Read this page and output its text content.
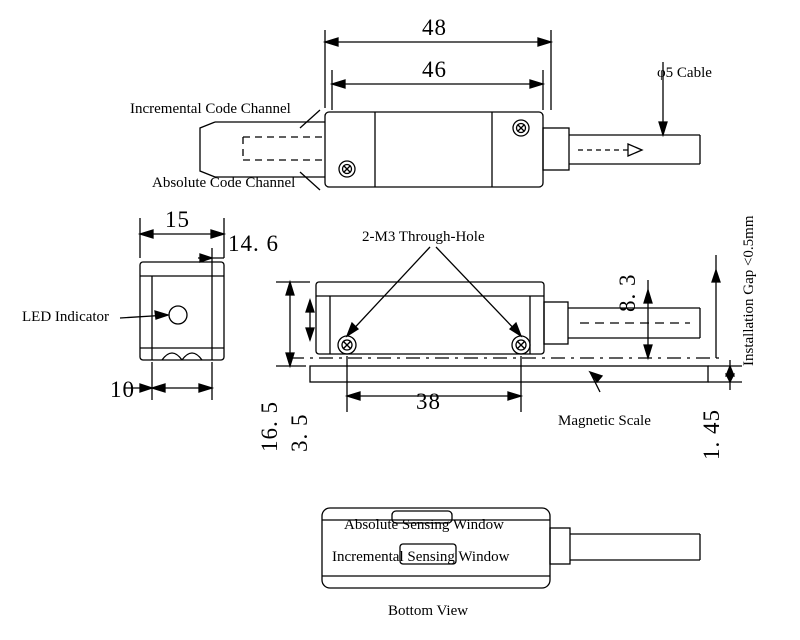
48
46	φ5 Cable
Incremental Code Channel
Absolute Code Channel
15
14. 6
10
LED Indicator
2-M3 Through-Hole
38
16. 5 3. 5
8. 3
1. 45
Installation Gap <0.5mm
Magnetic Scale
Absolute Sensing Window
Incremental Sensing Window
Bottom View
